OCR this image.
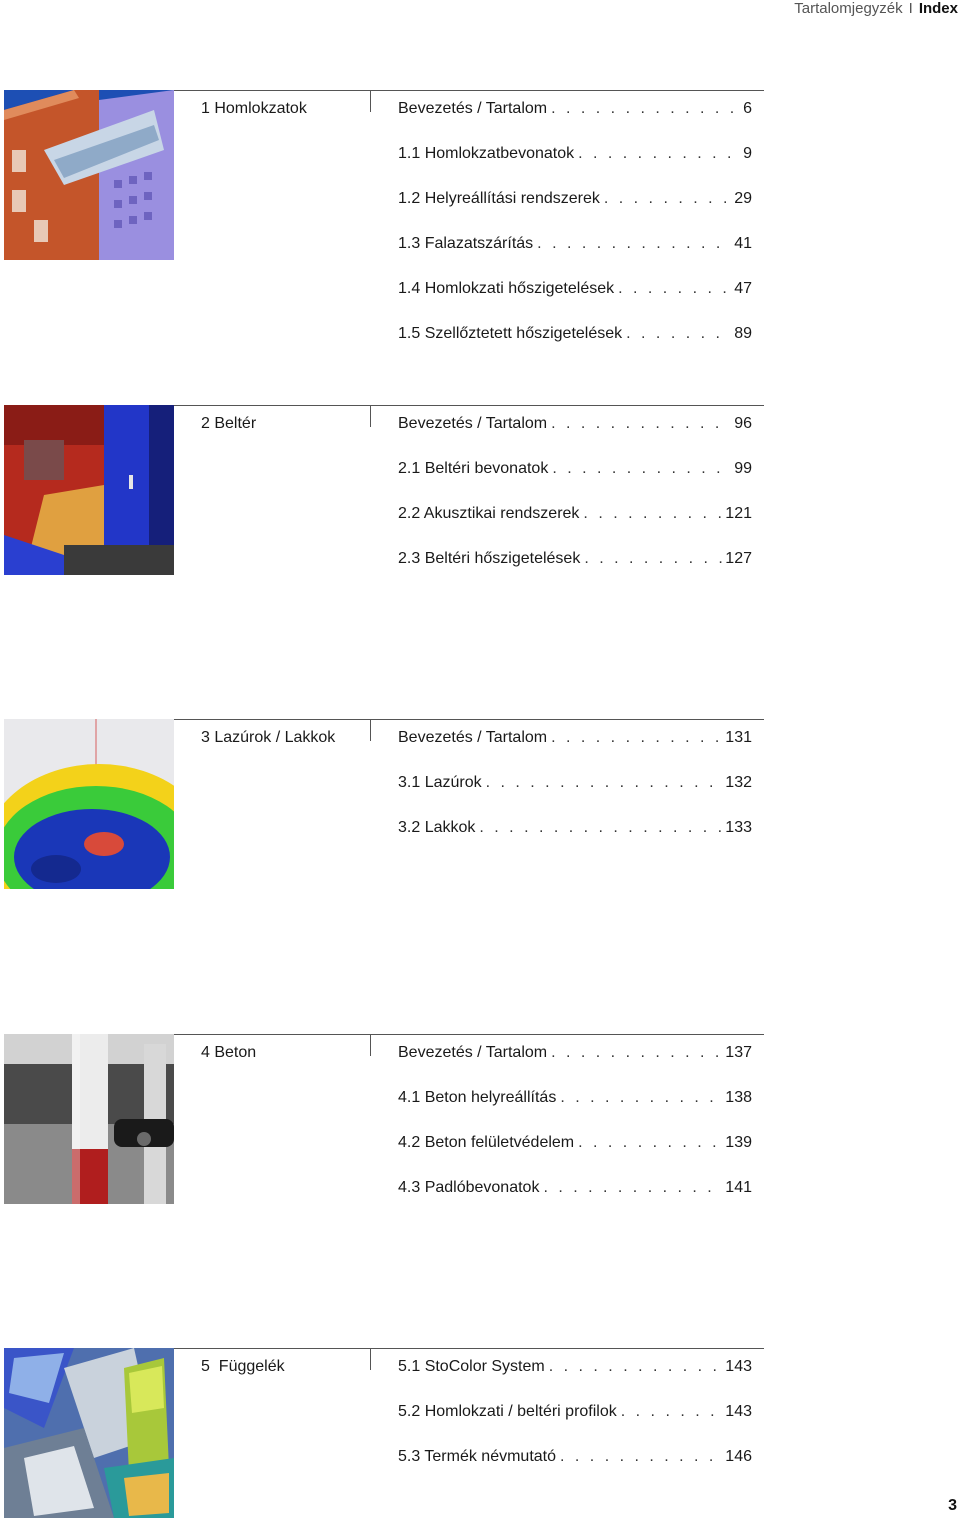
Tartalomjegyzék I Index
1 Homlokzatok	Bevezetés / Tartalom . . .	6
1.1 Homlokzatbevonatok . . .	9
1.2 Helyreállítási rendszerek . . .	29
1.3 Falazatszárítás . . .	41
1.4 Homlokzati hőszigetelések . . .	47
1.5 Szellőztetett hőszigetelések . . .	89
2 Beltér	Bevezetés / Tartalom . . .	96
2.1 Beltéri bevonatok . . .	99
2.2 Akusztikai rendszerek . . .	121
2.3 Beltéri hőszigetelések . . .	127
3 Lazúrok / Lakkok	Bevezetés / Tartalom . . .	131
3.1 Lazúrok . . .	132
3.2 Lakkok . . .	133
4 Beton	Bevezetés / Tartalom . . .	137
4.1 Beton helyreállítás . . .	138
4.2 Beton felületvédelem . . .	139
4.3 Padlóbevonatok . . .	141
5  Függelék	5.1 StoColor System . . .	143
5.2 Homlokzati / beltéri profilok . . .	143
5.3 Termék névmutató . . .	146
3
